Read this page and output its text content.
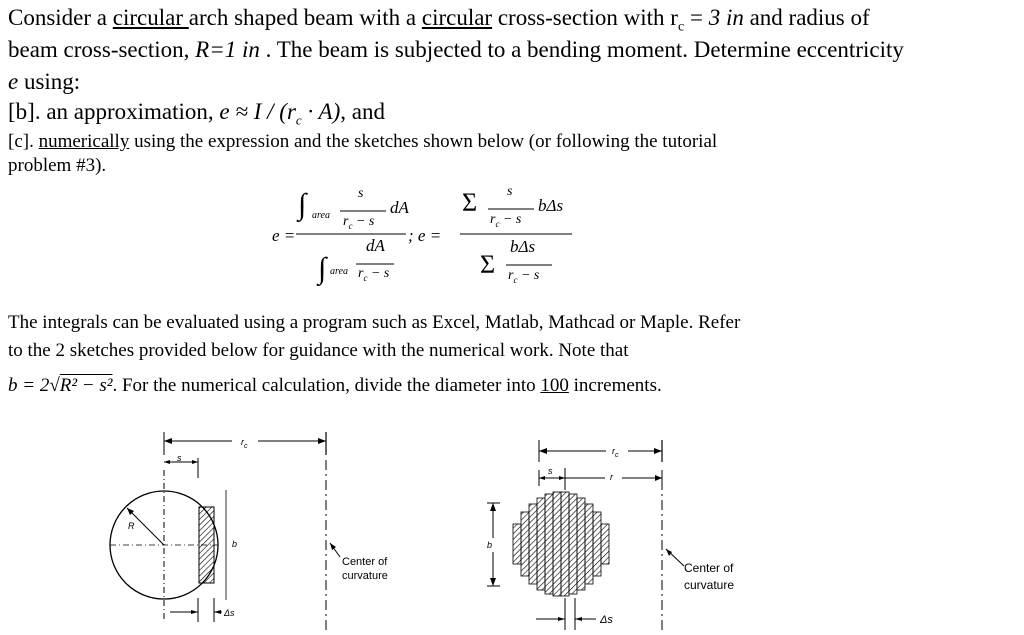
Consider a circular arch shaped beam with a circular cross-section with $r_c = 3$ in and radius of
beam cross-section, R=1 in . The beam is subjected to a bending moment. Determine eccentricity
e using:
[b]. an approximation, $e \approx I / (r_c \cdot A)$, and
[c]. numerically using the expression and the sketches shown below (or following the tutorial
problem #3).
e =
∫ area
s
dA
$r_c - s$
∫ area
dA
$r_c - s$
; e =
Σ s
bΔs
$r_c - s$
Σ
bΔs
$r_c - s$
The integrals can be evaluated using a program such as Excel, Matlab, Mathcad or Maple. Refer
to the 2 sketches provided below for guidance with the numerical work. Note that
b = 2√R² − s². For the numerical calculation, divide the diameter into 100 increments.
$r_c$
s
R
b
Δs
Center of
curvature
$r_c$
r
s
b
Δs
Center of
curvature
